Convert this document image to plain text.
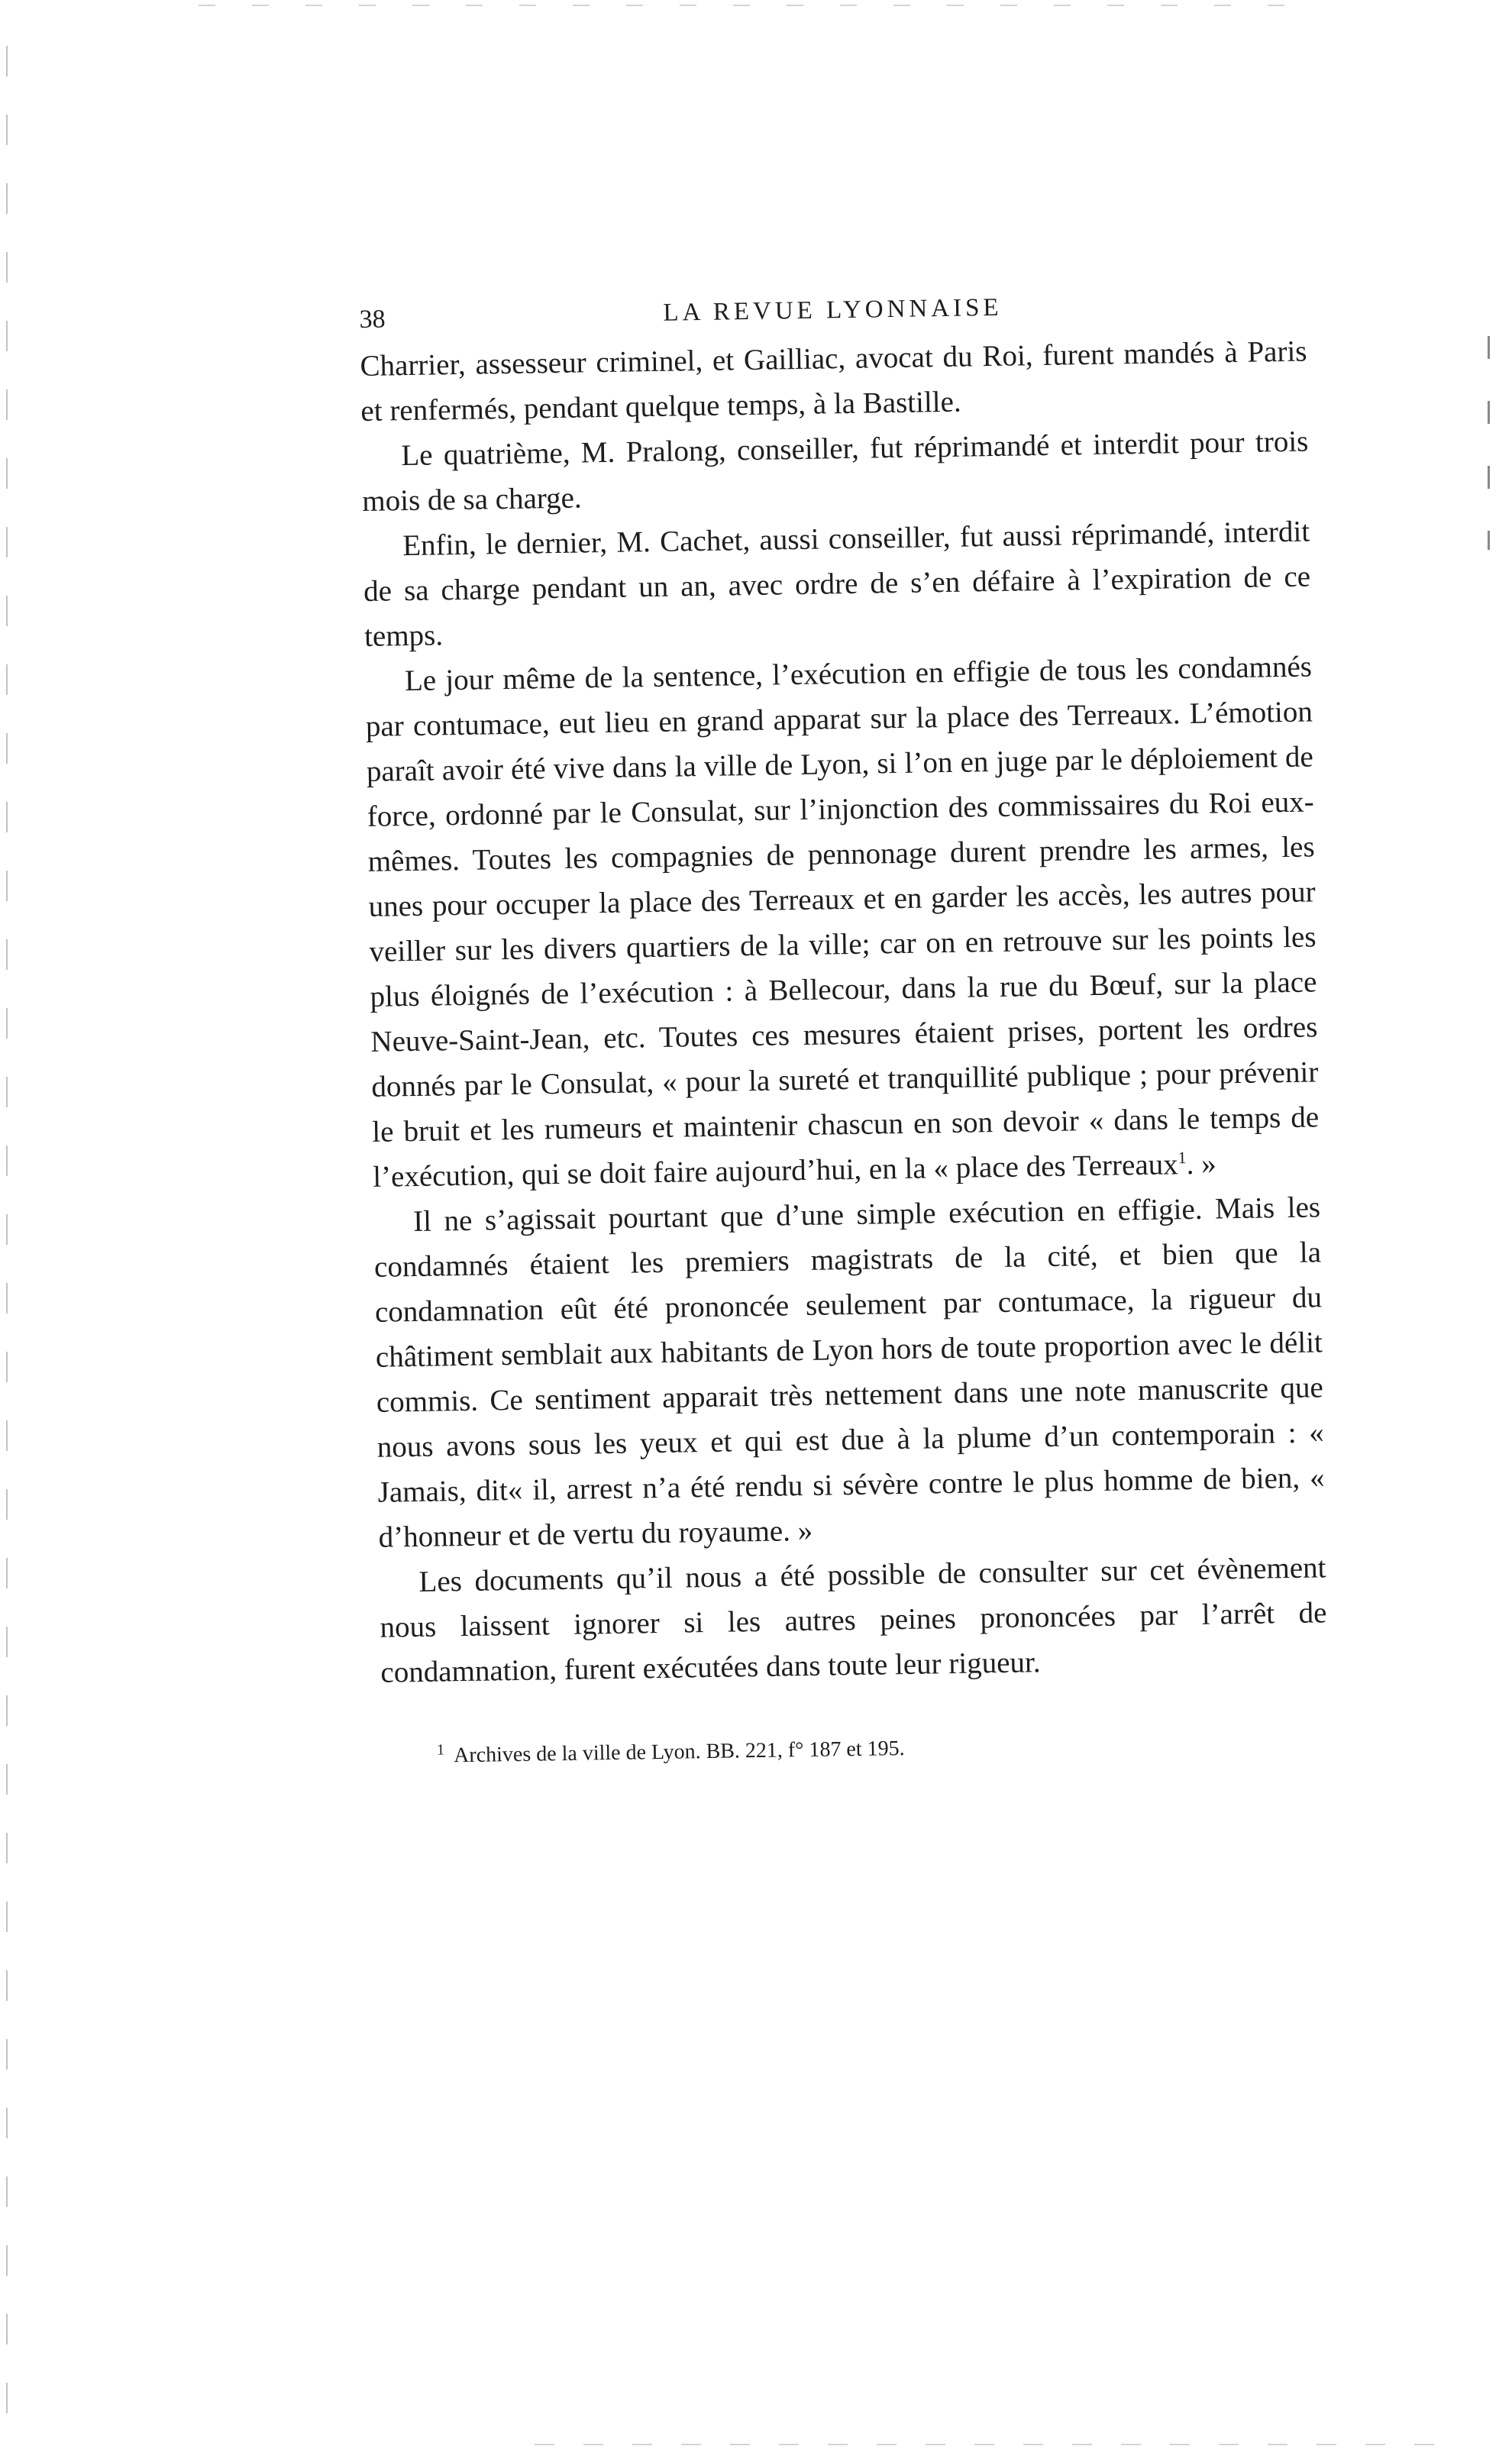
38	LA REVUE LYONNAISE

Charrier, assesseur criminel, et Gailliac, avocat du Roi, furent mandés à Paris et renfermés, pendant quelque temps, à la Bastille.

Le quatrième, M. Pralong, conseiller, fut réprimandé et interdit pour trois mois de sa charge.

Enfin, le dernier, M. Cachet, aussi conseiller, fut aussi réprimandé, interdit de sa charge pendant un an, avec ordre de s’en défaire à l’expiration de ce temps.

Le jour même de la sentence, l’exécution en effigie de tous les condamnés par contumace, eut lieu en grand apparat sur la place des Terreaux. L’émotion paraît avoir été vive dans la ville de Lyon, si l’on en juge par le déploiement de force, ordonné par le Consulat, sur l’injonction des commissaires du Roi eux-mêmes. Toutes les compagnies de pennonage durent prendre les armes, les unes pour occuper la place des Terreaux et en garder les accès, les autres pour veiller sur les divers quartiers de la ville; car on en retrouve sur les points les plus éloignés de l’exécution : à Bellecour, dans la rue du Bœuf, sur la place Neuve-Saint-Jean, etc. Toutes ces mesures étaient prises, portent les ordres donnés par le Consulat, « pour la sureté et tranquillité publique ; pour prévenir le bruit et les rumeurs et maintenir chascun en son devoir « dans le temps de l’exécution, qui se doit faire aujourd’hui, en la « place des Terreaux$^1$. »

Il ne s’agissait pourtant que d’une simple exécution en effigie. Mais les condamnés étaient les premiers magistrats de la cité, et bien que la condamnation eût été prononcée seulement par contumace, la rigueur du châtiment semblait aux habitants de Lyon hors de toute proportion avec le délit commis. Ce sentiment apparait très nettement dans une note manuscrite que nous avons sous les yeux et qui est due à la plume d’un contemporain : « Jamais, dit« il, arrest n’a été rendu si sévère contre le plus homme de bien, « d’honneur et de vertu du royaume. »

Les documents qu’il nous a été possible de consulter sur cet évènement nous laissent ignorer si les autres peines prononcées par l’arrêt de condamnation, furent exécutées dans toute leur rigueur.

$^1$ Archives de la ville de Lyon. BB. 221, f° 187 et 195.
